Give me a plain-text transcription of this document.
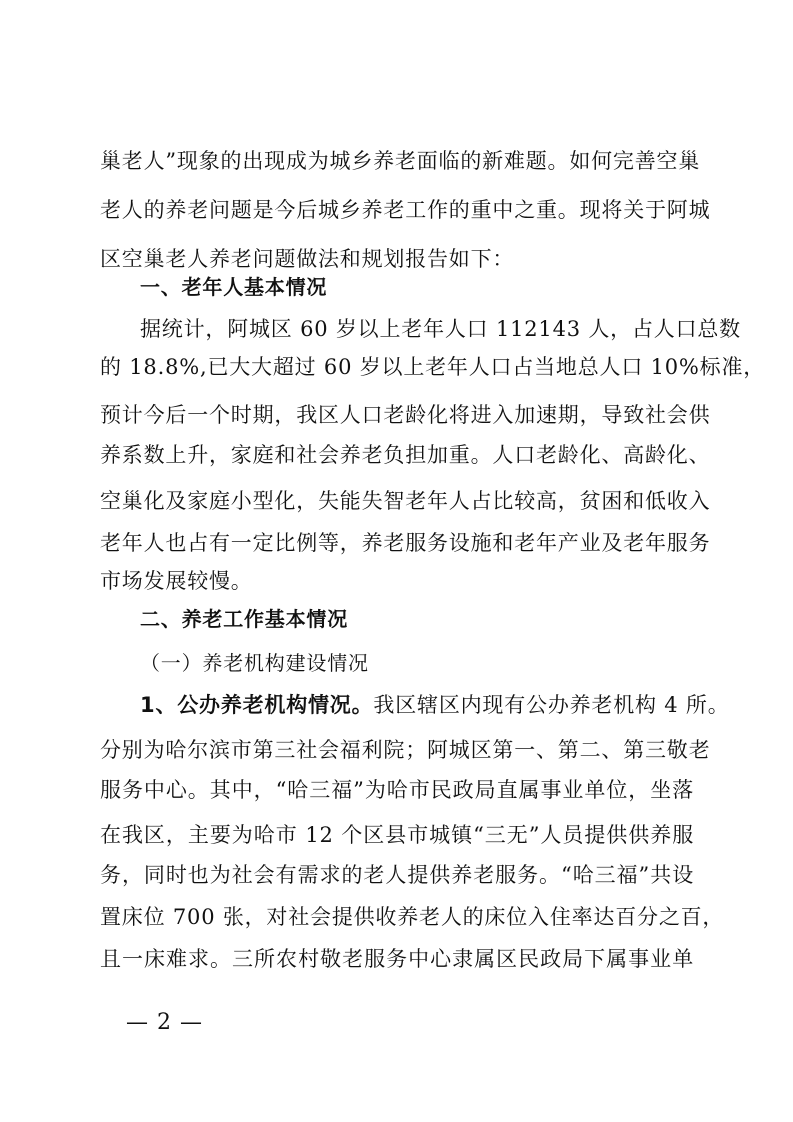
巢老人”现象的出现成为城乡养老面临的新难题。如何完善空巢
老人的养老问题是今后城乡养老工作的重中之重。现将关于阿城
区空巢老人养老问题做法和规划报告如下：
一、老年人基本情况
据统计，阿城区 60 岁以上老年人口 112143 人，占人口总数
的 18.8%,已大大超过 60 岁以上老年人口占当地总人口 10%标准，
预计今后一个时期，我区人口老龄化将进入加速期，导致社会供
养系数上升，家庭和社会养老负担加重。人口老龄化、高龄化、
空巢化及家庭小型化，失能失智老年人占比较高，贫困和低收入
老年人也占有一定比例等，养老服务设施和老年产业及老年服务
市场发展较慢。
二、养老工作基本情况
（一）养老机构建设情况
1、公办养老机构情况。我区辖区内现有公办养老机构 4 所。
分别为哈尔滨市第三社会福利院；阿城区第一、第二、第三敬老
服务中心。其中，“哈三福”为哈市民政局直属事业单位，坐落
在我区，主要为哈市 12 个区县市城镇“三无”人员提供供养服
务，同时也为社会有需求的老人提供养老服务。“哈三福”共设
置床位 700 张，对社会提供收养老人的床位入住率达百分之百，
且一床难求。三所农村敬老服务中心隶属区民政局下属事业单
— 2 —
